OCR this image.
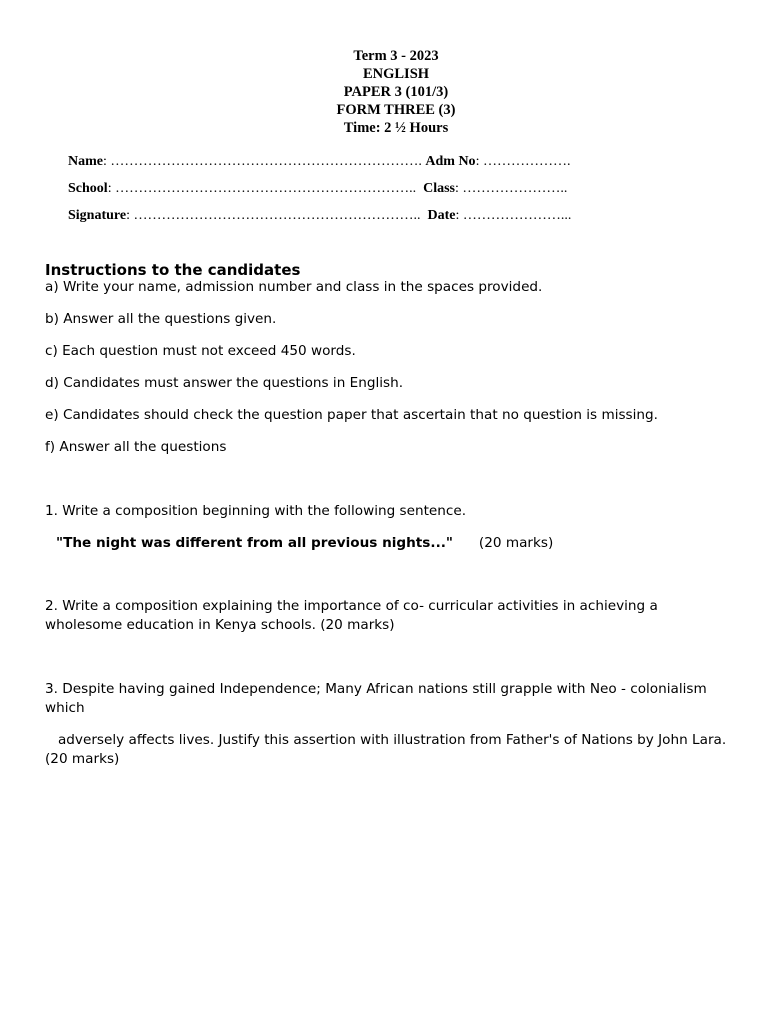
Term 3 - 2023
ENGLISH
PAPER 3 (101/3)
FORM THREE (3)
Time: 2 ½ Hours
Name: …………………………………………………………. Adm No: ……………….
School: ……………………………………………………….. Class: …………………..
Signature: …………………………………………………….. Date: …………………...
Instructions to the candidates
a) Write your name, admission number and class in the spaces provided.
b) Answer all the questions given.
c) Each question must not exceed 450 words.
d) Candidates must answer the questions in English.
e) Candidates should check the question paper that ascertain that no question is missing.
f) Answer all the questions
1. Write a composition beginning with the following sentence.
"The night was different from all previous nights..." (20 marks)
2. Write a composition explaining the importance of co- curricular activities in achieving a wholesome education in Kenya schools. (20 marks)
3. Despite having gained Independence; Many African nations still grapple with Neo - colonialism which
adversely affects lives. Justify this assertion with illustration from Father's of Nations by John Lara.  (20 marks)
